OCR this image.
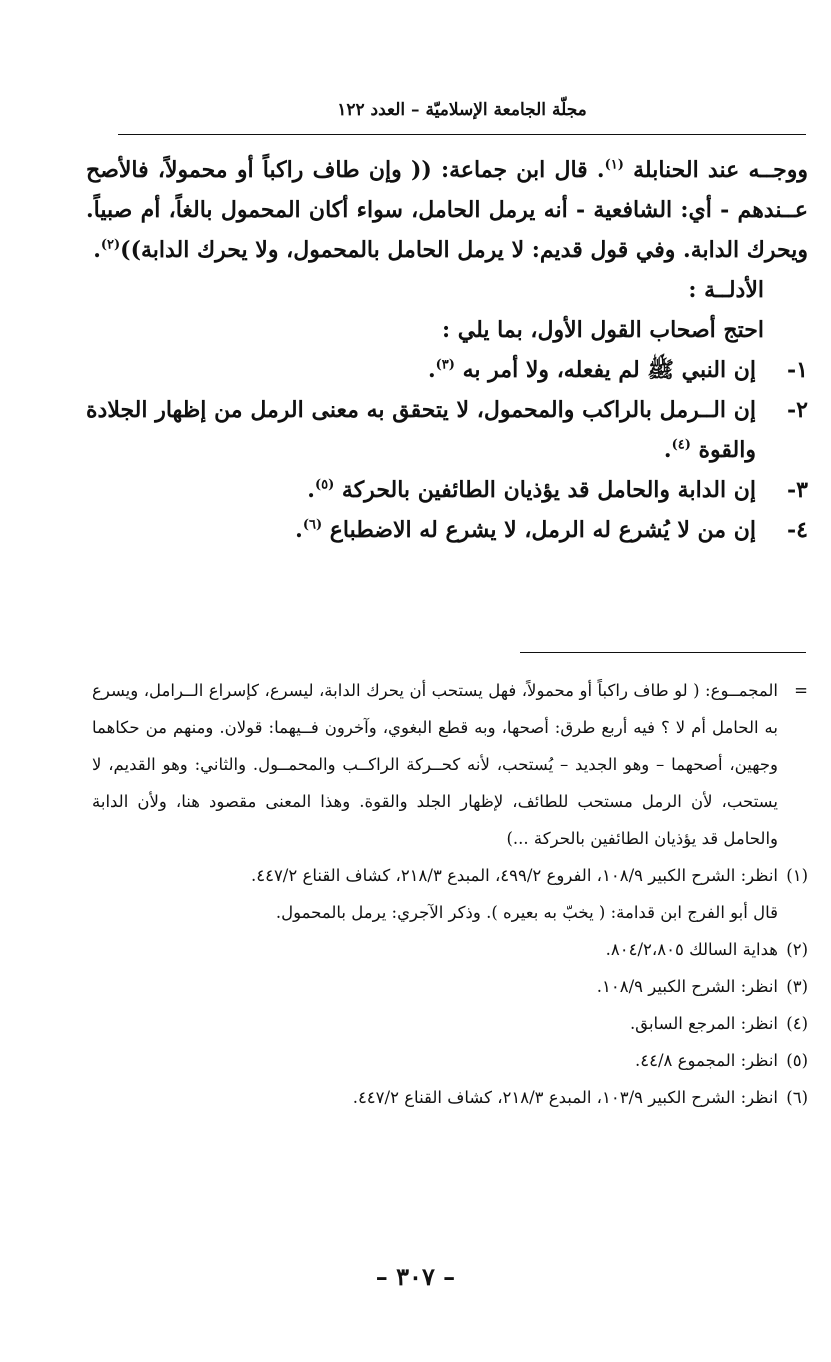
مجلّة الجامعة الإسلاميّة – العدد ١٢٢

ووجــه عند الحنابلة $^{(١)}$. قال ابن جماعة: (( وإن طاف راكباً أو محمولاً، فالأصح عــندهم - أي: الشافعية - أنه يرمل الحامل، سواء أكان المحمول بالغاً، أم صبياً. ويحرك الدابة. وفي قول قديم: لا يرمل الحامل بالمحمول، ولا يحرك الدابة))$^{(٢)}$.

الأدلــة :

احتج أصحاب القول الأول، بما يلي :

١-
إن النبي ﷺ لم يفعله، ولا أمر به $^{(٣)}$.
٢-
إن الــرمل بالراكب والمحمول، لا يتحقق به معنى الرمل من إظهار الجلادة والقوة $^{(٤)}$.
٣-
إن الدابة والحامل قد يؤذيان الطائفين بالحركة $^{(٥)}$.
٤-
إن من لا يُشرع له الرمل، لا يشرع له الاضطباع $^{(٦)}$.
=
المجمــوع: ( لو طاف راكباً أو محمولاً، فهل يستحب أن يحرك الدابة، ليسرع، كإسراع الــرامل، ويسرع به الحامل أم لا ؟ فيه أربع طرق: أصحها، وبه قطع البغوي، وآخرون فــيهما: قولان. ومنهم من حكاهما وجهين، أصحهما – وهو الجديد – يُستحب، لأنه كحــركة الراكــب والمحمــول. والثاني: وهو القديم، لا يستحب، لأن الرمل مستحب للطائف، لإظهار الجلد والقوة. وهذا المعنى مقصود هنا، ولأن الدابة والحامل قد يؤذيان الطائفين بالحركة ...)
(١)
انظر: الشرح الكبير ١٠٨/٩، الفروع ٤٩٩/٢، المبدع ٢١٨/٣، كشاف القناع ٤٤٧/٢.

قال أبو الفرج ابن قدامة: ( يخبّ به بعيره ). وذكر الآجري: يرمل بالمحمول.

(٢)
هداية السالك ٨٠٤/٢،٨٠٥.
(٣)
انظر: الشرح الكبير ١٠٨/٩.
(٤)
انظر: المرجع السابق.
(٥)
انظر: المجموع ٤٤/٨.
(٦)
انظر: الشرح الكبير ١٠٣/٩، المبدع ٢١٨/٣، كشاف القناع ٤٤٧/٢.
– ٣٠٧ –
